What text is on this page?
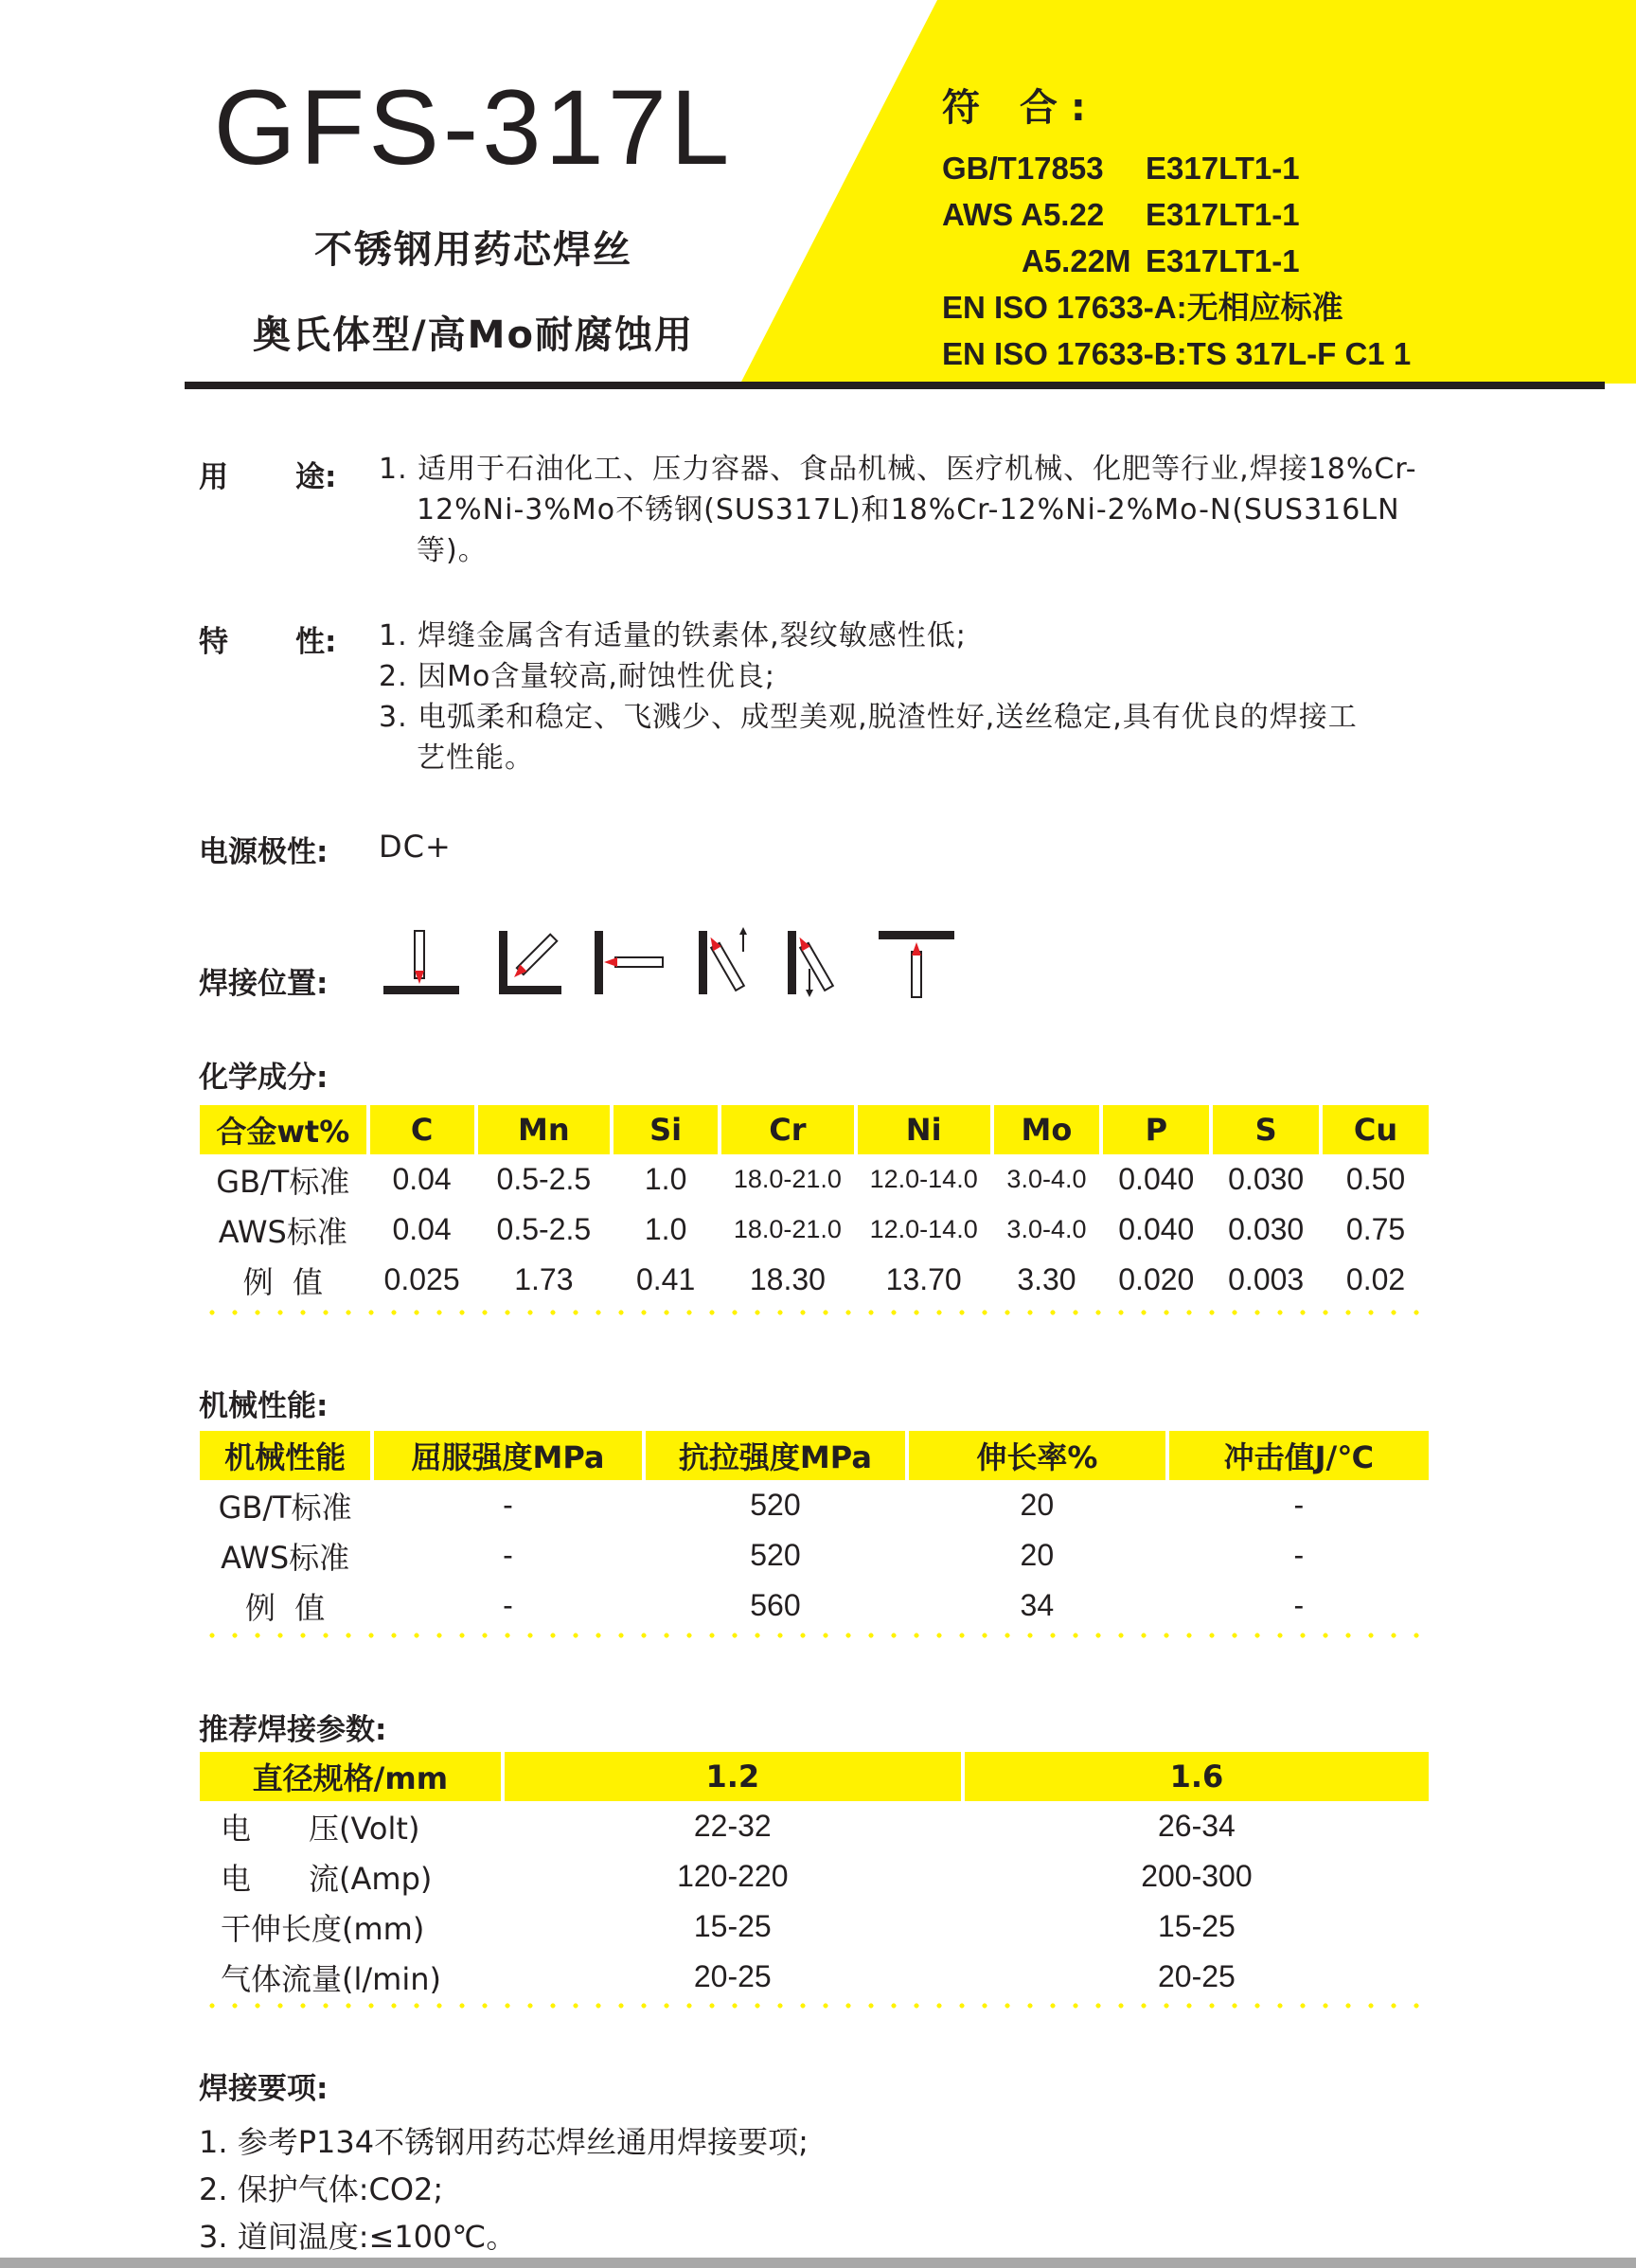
GFS-317L
不锈钢用药芯焊丝
奥氏体型/高Mo耐腐蚀用
符 合:
GB/T17853 E317LT1-1
AWS A5.22 E317LT1-1
A5.22M E317LT1-1
EN ISO 17633-A:无相应标准
EN ISO 17633-B:TS 317L-F C1 1
用 途: 1. 适用于石油化工、压力容器、食品机械、医疗机械、化肥等行业,焊接18%Cr-12%Ni-3%Mo不锈钢(SUS317L)和18%Cr-12%Ni-2%Mo-N(SUS316LN等)。
特 性: 1. 焊缝金属含有适量的铁素体,裂纹敏感性低;
2. 因Mo含量较高,耐蚀性优良;
3. 电弧柔和稳定、飞溅少、成型美观,脱渣性好,送丝稳定,具有优良的焊接工艺性能。
电源极性: DC+
焊接位置:
化学成分:
合金wt%	C	Mn	Si	Cr	Ni	Mo	P	S	Cu
GB/T标准	0.04	0.5-2.5	1.0	18.0-21.0	12.0-14.0	3.0-4.0	0.040	0.030	0.50
AWS标准	0.04	0.5-2.5	1.0	18.0-21.0	12.0-14.0	3.0-4.0	0.040	0.030	0.75
例  值	0.025	1.73	0.41	18.30	13.70	3.30	0.020	0.003	0.02
机械性能:
机械性能	屈服强度MPa	抗拉强度MPa	伸长率%	冲击值J/℃
GB/T标准	-	520	20	-
AWS标准	-	520	20	-
例  值	-	560	34	-
推荐焊接参数:
直径规格/mm	1.2	1.6
电      压(Volt)	22-32	26-34
电      流(Amp)	120-220	200-300
干伸长度(mm)	15-25	15-25
气体流量(l/min)	20-25	20-25
焊接要项:
1. 参考P134不锈钢用药芯焊丝通用焊接要项;
2. 保护气体:CO2;
3. 道间温度:≤100℃。
